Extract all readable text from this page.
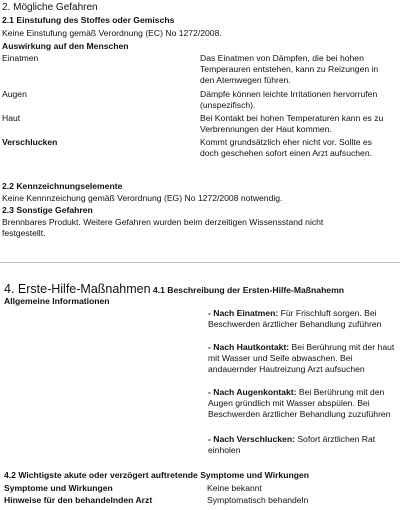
2. Mögliche Gefahren
2.1 Einstufung des Stoffes oder Gemischs
Keine Einstufung gemäß Verordnung (EC) No 1272/2008.
Auswirkung auf den Menschen
Einatmen	Das Einatmen von Dämpfen, die bei hohen Temperauren entstehen, kann zu Reizungen in den Atemwegen führen.
Augen	Dämpfe können leichte Irritationen hervorrufen (unspezifisch).
Haut	Bei Kontakt bei hohen Temperaturen kann es zu Verbrennungen der Haut kommen.
Verschlucken	Kommt grundsätzlich eher nicht vor. Sollte es doch geschehen sofort einen Arzt aufsuchen.
2.2 Kennzeichnungselemente
Keine Kennnzeichung gemäß Verordnung (EG) No 1272/2008 notwendig.
2.3 Sonstige Gefahren
Brennbares Produkt. Weitere Gefahren wurden beim derzeitigen Wissensstand nicht festgestellt.
4. Erste-Hilfe-Maßnahmen 4.1 Beschreibung der Ersten-Hilfe-Maßnahemn
Allgemeine Informationen
- Nach Einatmen: Für Frischluft sorgen. Bei Beschwerden ärztlicher Behandlung zuführen
- Nach Hautkontakt: Bei Berührung mit der haut mit Wasser und Seife abwaschen. Bei andauernder Hautreizung Arzt aufsuchen
- Nach Augenkontakt: Bei Berührung mit den Augen gründlich mit Wasser abspülen. Bei Beschwerden ärztlicher Behandlung zuzuführen
- Nach Verschlucken: Sofort ärztlichen Rat einholen
4.2 Wichtigste akute oder verzögert auftretende Symptome und Wirkungen
Symptome und Wirkungen	Keine bekannt
Hinweise für den behandelnden Arzt	Symptomatisch behandeln
